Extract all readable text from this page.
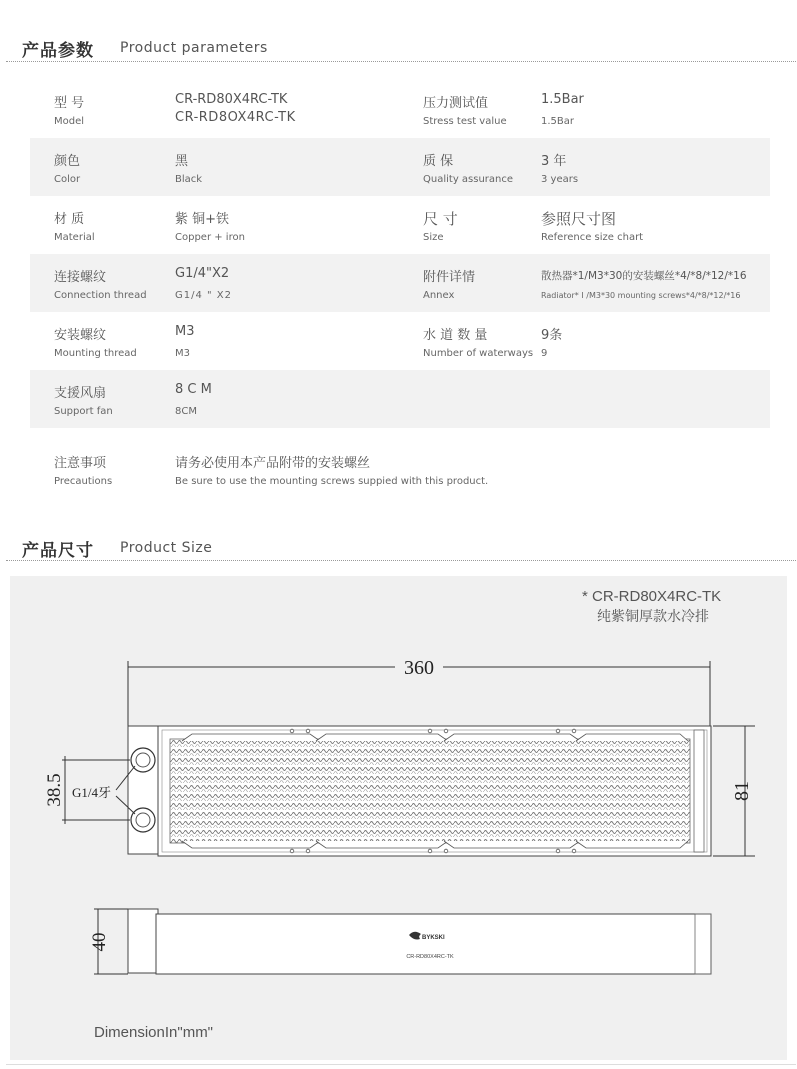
产品参数 Product parameters
型 号
Model
CR-RD80X4RC-TK
CR-RD8OX4RC-TK
压力测试值
Stress test value
1.5Bar
1.5Bar
颜色
Color
黑
Black
质 保
Quality assurance
3 年
3 years
材 质
Material
紫 铜+铁
Copper + iron
尺 寸
Size
参照尺寸图
Reference size chart
连接螺纹
Connection thread
G1/4"X2
G1/4 " X2
附件详情
Annex
散热器*1/M3*30的安装螺丝*4/*8/*12/*16
Radiator* I /M3*30 mounting screws*4/*8/*12/*16
安装螺纹
Mounting thread
M3
M3
水 道 数 量
Number of waterways
9条
9
支援风扇
Support fan
8 C M
8CM
注意事项
Precautions
请务必使用本产品附带的安装螺丝
Be sure to use the mounting screws suppied with this product.
产品尺寸 Product Size
* CR-RD80X4RC-TK
纯紫铜厚款水冷排
360
38.5 G1/4牙	81
BYKSKI
CR-RD80X4RC-TK
40
DimensionIn"mm"
